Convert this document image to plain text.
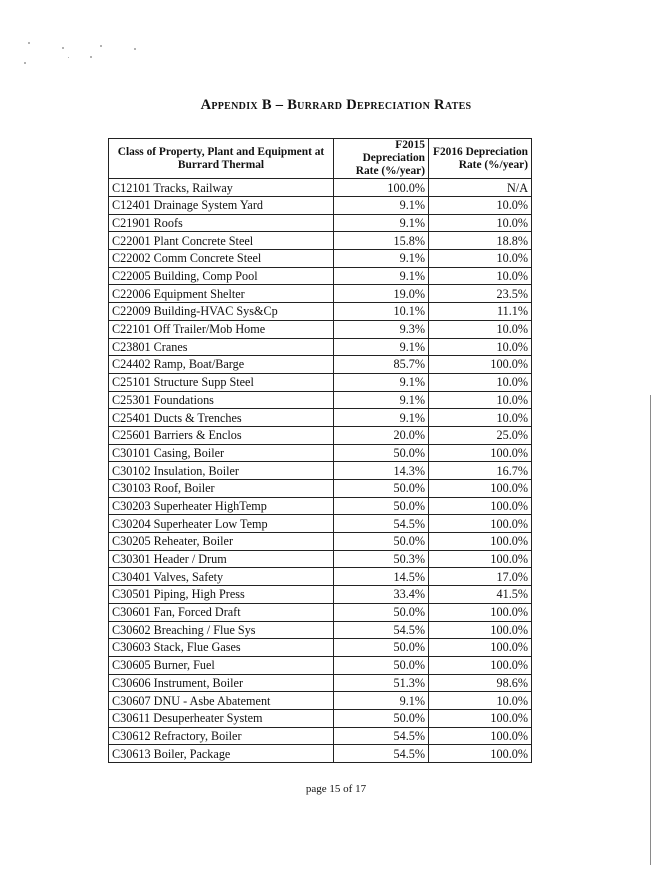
Appendix B – Burrard Depreciation Rates
Class of Property, Plant and Equipment at Burrard Thermal	F2015 Depreciation Rate (%/year)	F2016 Depreciation Rate (%/year)
C12101 Tracks, Railway	100.0%	N/A
C12401 Drainage System Yard	9.1%	10.0%
C21901 Roofs	9.1%	10.0%
C22001 Plant Concrete Steel	15.8%	18.8%
C22002 Comm Concrete Steel	9.1%	10.0%
C22005 Building, Comp Pool	9.1%	10.0%
C22006 Equipment Shelter	19.0%	23.5%
C22009 Building-HVAC Sys&Cp	10.1%	11.1%
C22101 Off Trailer/Mob Home	9.3%	10.0%
C23801 Cranes	9.1%	10.0%
C24402 Ramp, Boat/Barge	85.7%	100.0%
C25101 Structure Supp Steel	9.1%	10.0%
C25301 Foundations	9.1%	10.0%
C25401 Ducts & Trenches	9.1%	10.0%
C25601 Barriers & Enclos	20.0%	25.0%
C30101 Casing, Boiler	50.0%	100.0%
C30102 Insulation, Boiler	14.3%	16.7%
C30103 Roof, Boiler	50.0%	100.0%
C30203 Superheater HighTemp	50.0%	100.0%
C30204 Superheater Low Temp	54.5%	100.0%
C30205 Reheater, Boiler	50.0%	100.0%
C30301 Header / Drum	50.3%	100.0%
C30401 Valves, Safety	14.5%	17.0%
C30501 Piping, High Press	33.4%	41.5%
C30601 Fan, Forced Draft	50.0%	100.0%
C30602 Breaching / Flue Sys	54.5%	100.0%
C30603 Stack, Flue Gases	50.0%	100.0%
C30605 Burner, Fuel	50.0%	100.0%
C30606 Instrument, Boiler	51.3%	98.6%
C30607 DNU - Asbe Abatement	9.1%	10.0%
C30611 Desuperheater System	50.0%	100.0%
C30612 Refractory, Boiler	54.5%	100.0%
C30613 Boiler, Package	54.5%	100.0%
page 15 of 17
